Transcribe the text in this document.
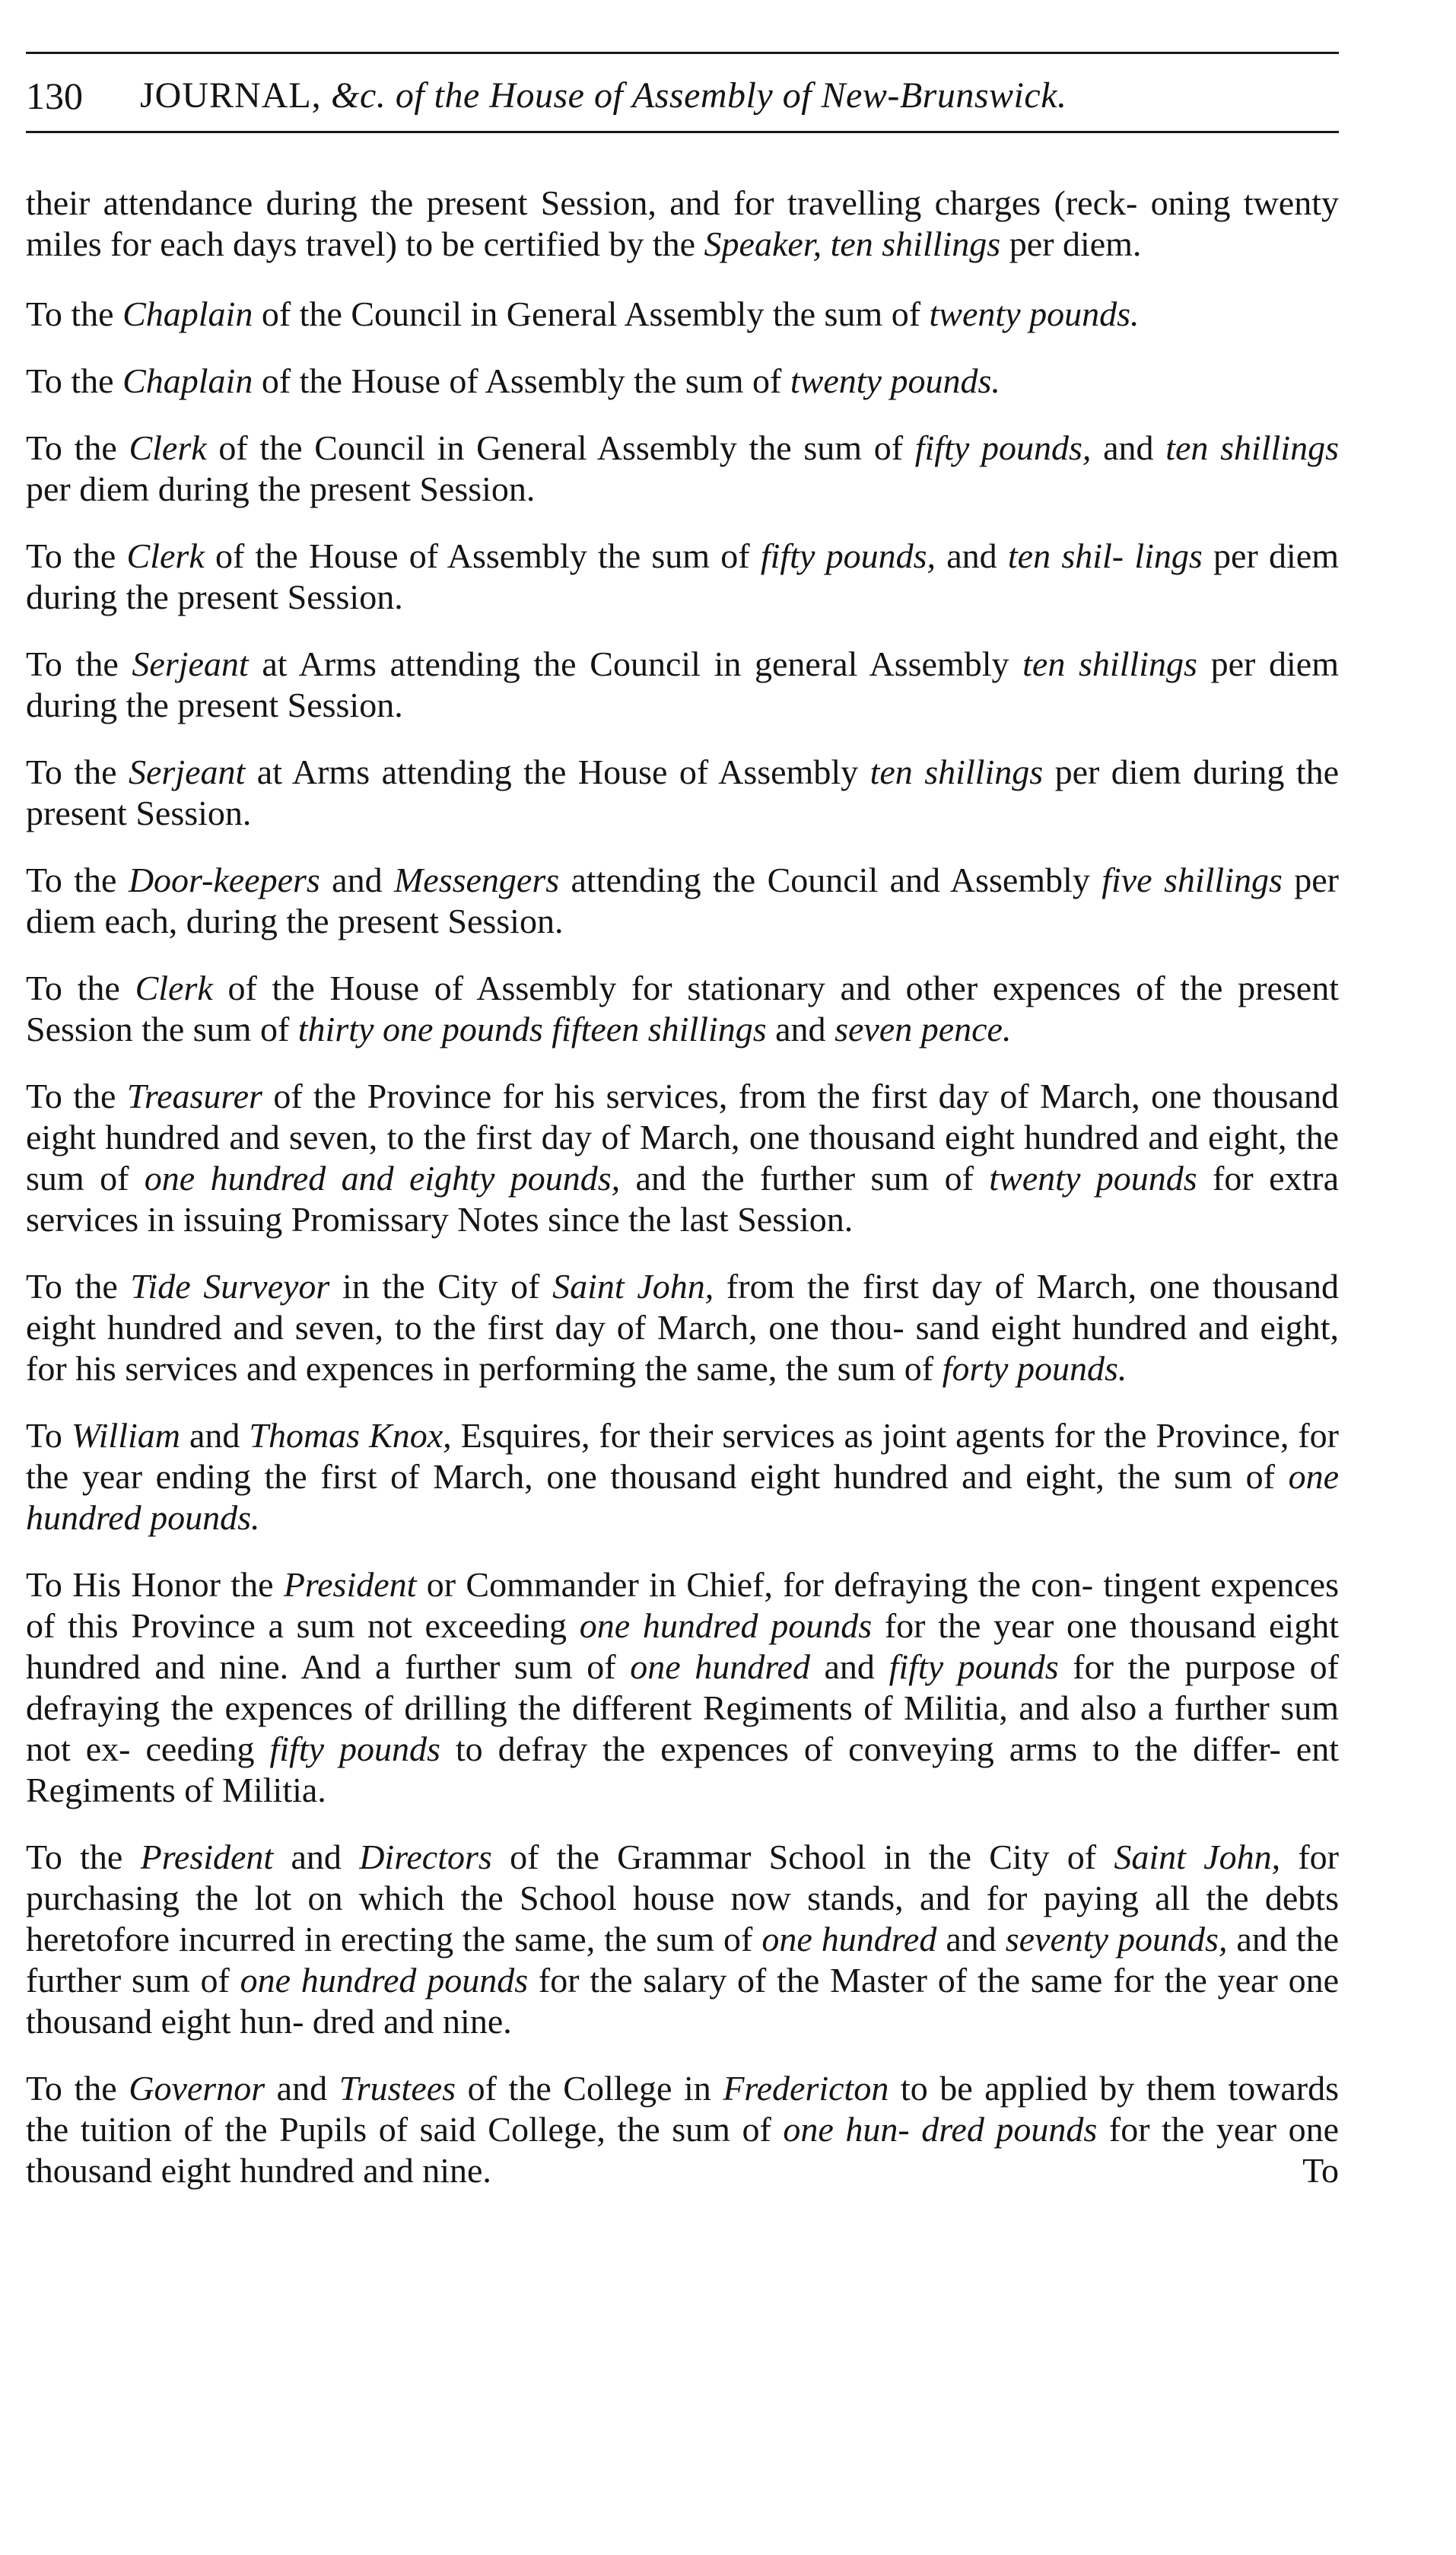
130 JOURNAL, &c. of the House of Assembly of New-Brunswick.

their attendance during the present Session, and for travelling charges (reck- oning twenty miles for each days travel) to be certified by the Speaker, ten shillings per diem.

To the Chaplain of the Council in General Assembly the sum of twenty pounds.

To the Chaplain of the House of Assembly the sum of twenty pounds.

To the Clerk of the Council in General Assembly the sum of fifty pounds, and ten shillings per diem during the present Session.

To the Clerk of the House of Assembly the sum of fifty pounds, and ten shil- lings per diem during the present Session.

To the Serjeant at Arms attending the Council in general Assembly ten shillings per diem during the present Session.

To the Serjeant at Arms attending the House of Assembly ten shillings per diem during the present Session.

To the Door-keepers and Messengers attending the Council and Assembly five shillings per diem each, during the present Session.

To the Clerk of the House of Assembly for stationary and other expences of the present Session the sum of thirty one pounds fifteen shillings and seven pence.

To the Treasurer of the Province for his services, from the first day of March, one thousand eight hundred and seven, to the first day of March, one thousand eight hundred and eight, the sum of one hundred and eighty pounds, and the further sum of twenty pounds for extra services in issuing Promissary Notes since the last Session.

To the Tide Surveyor in the City of Saint John, from the first day of March, one thousand eight hundred and seven, to the first day of March, one thou- sand eight hundred and eight, for his services and expences in performing the same, the sum of forty pounds.

To William and Thomas Knox, Esquires, for their services as joint agents for the Province, for the year ending the first of March, one thousand eight hundred and eight, the sum of one hundred pounds.

To His Honor the President or Commander in Chief, for defraying the con- tingent expences of this Province a sum not exceeding one hundred pounds for the year one thousand eight hundred and nine. And a further sum of one hundred and fifty pounds for the purpose of defraying the expences of drilling the different Regiments of Militia, and also a further sum not ex- ceeding fifty pounds to defray the expences of conveying arms to the differ- ent Regiments of Militia.

To the President and Directors of the Grammar School in the City of Saint John, for purchasing the lot on which the School house now stands, and for paying all the debts heretofore incurred in erecting the same, the sum of one hundred and seventy pounds, and the further sum of one hundred pounds for the salary of the Master of the same for the year one thousand eight hun- dred and nine.

To the Governor and Trustees of the College in Fredericton to be applied by them towards the tuition of the Pupils of said College, the sum of one hun- dred pounds for the year one thousand eight hundred and nine.	To
